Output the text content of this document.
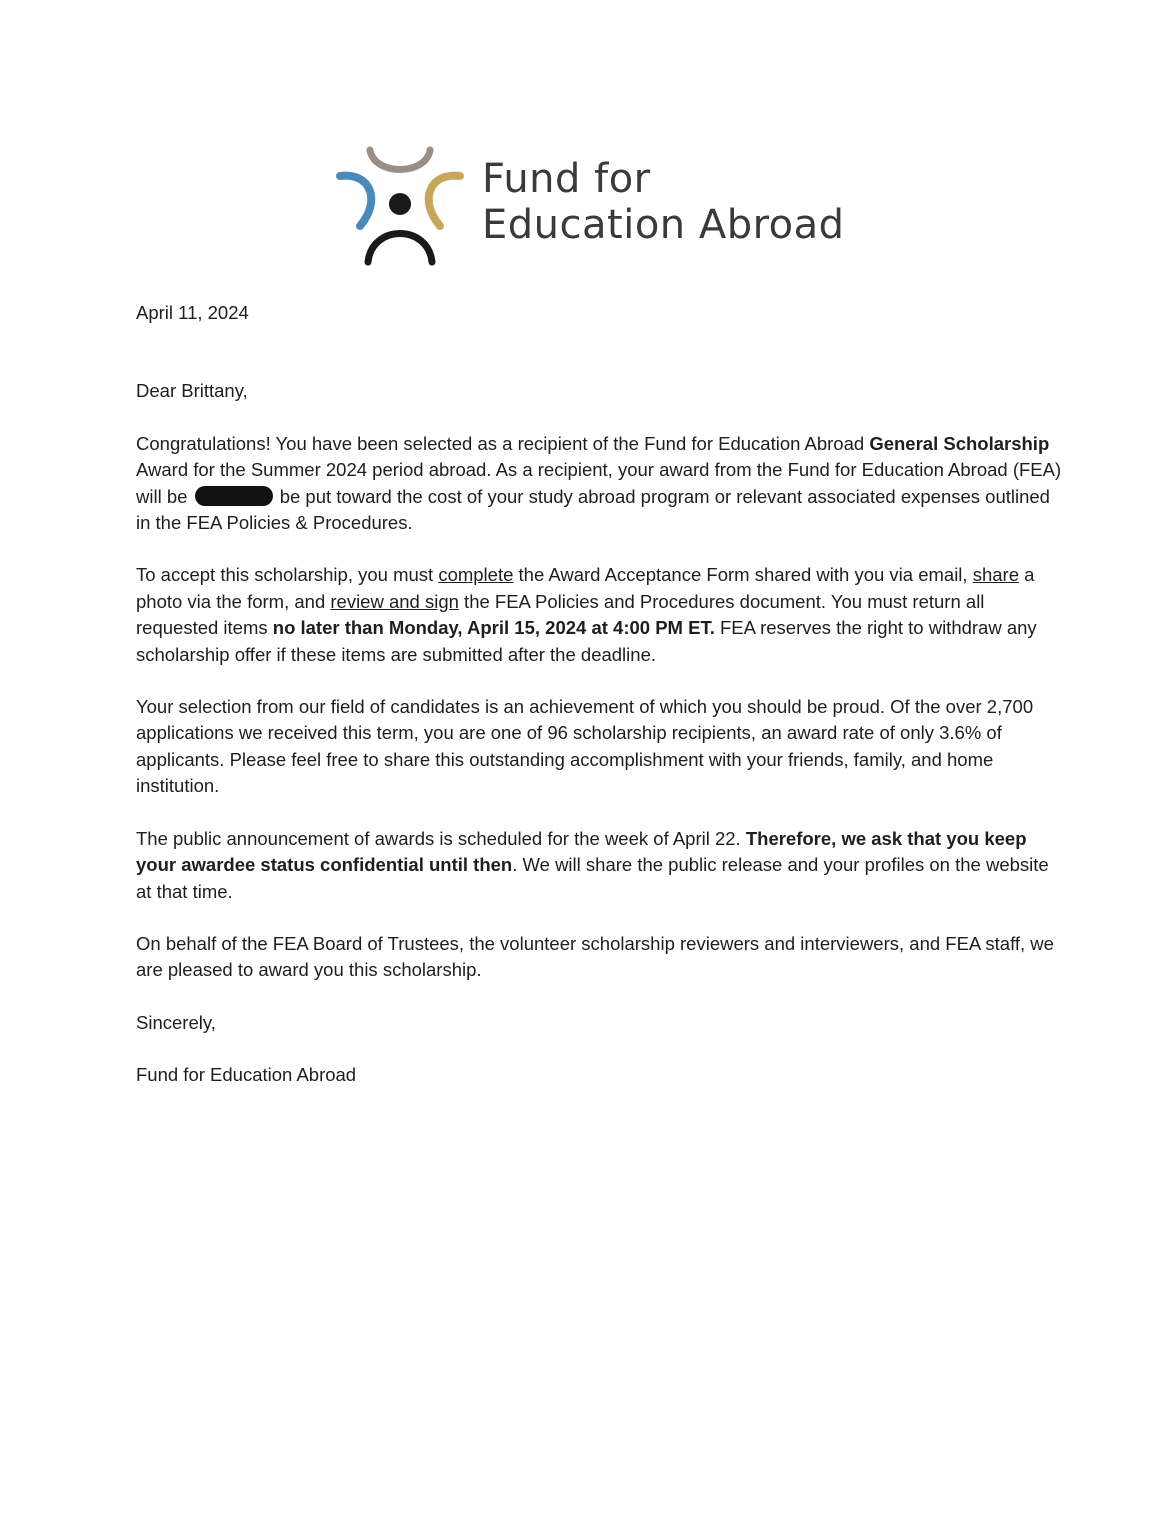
Fund for
Education Abroad

April 11, 2024

Dear Brittany,

Congratulations! You have been selected as a recipient of the Fund for Education Abroad General Scholarship Award for the Summer 2024 period abroad. As a recipient, your award from the Fund for Education Abroad (FEA) will be	be put toward the cost of your study abroad program or relevant associated expenses outlined in the FEA Policies & Procedures.

To accept this scholarship, you must complete the Award Acceptance Form shared with you via email, share a photo via the form, and review and sign the FEA Policies and Procedures document. You must return all requested items no later than Monday, April 15, 2024 at 4:00 PM ET. FEA reserves the right to withdraw any scholarship offer if these items are submitted after the deadline.

Your selection from our field of candidates is an achievement of which you should be proud. Of the over 2,700 applications we received this term, you are one of 96 scholarship recipients, an award rate of only 3.6% of applicants. Please feel free to share this outstanding accomplishment with your friends, family, and home institution.

The public announcement of awards is scheduled for the week of April 22. Therefore, we ask that you keep your awardee status confidential until then. We will share the public release and your profiles on the website at that time.

On behalf of the FEA Board of Trustees, the volunteer scholarship reviewers and interviewers, and FEA staff, we are pleased to award you this scholarship.

Sincerely,

Fund for Education Abroad
